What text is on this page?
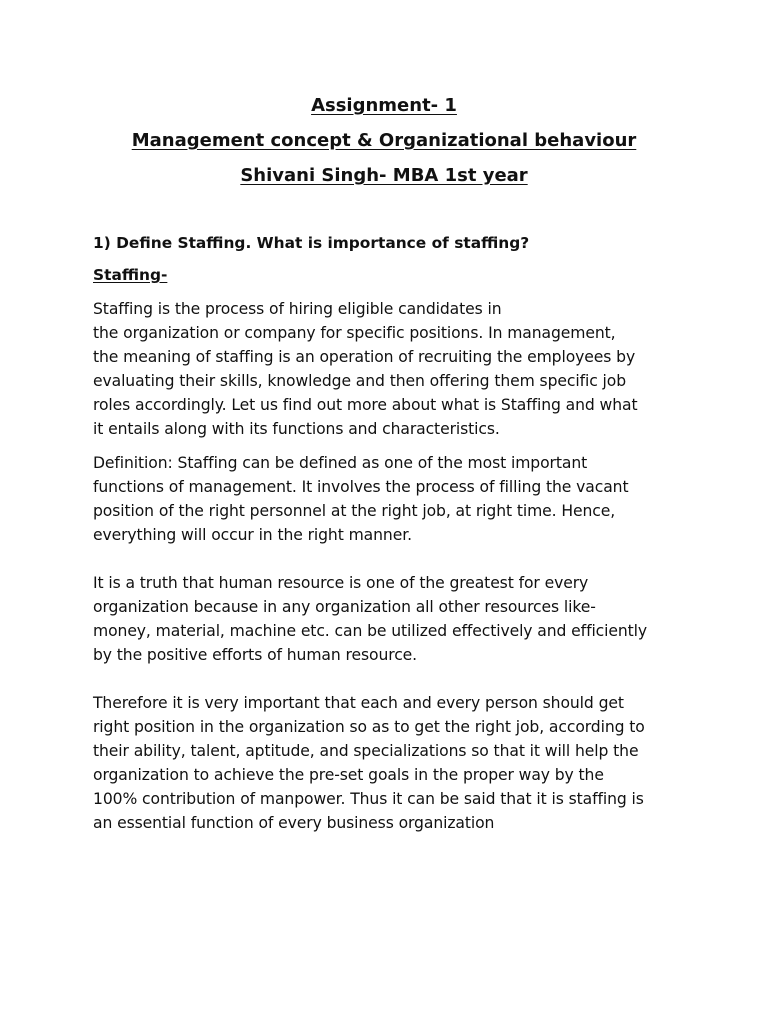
Assignment- 1

Management concept & Organizational behaviour

Shivani Singh- MBA 1st year

1) Define Staffing. What is importance of staffing?

Staffing-

Staffing is the process of hiring eligible candidates in
the organization or company for specific positions. In management,
the meaning of staffing is an operation of recruiting the employees by
evaluating their skills, knowledge and then offering them specific job
roles accordingly. Let us find out more about what is Staffing and what
it entails along with its functions and characteristics.

Definition: Staffing can be defined as one of the most important
functions of management. It involves the process of filling the vacant
position of the right personnel at the right job, at right time. Hence,
everything will occur in the right manner.

It is a truth that human resource is one of the greatest for every
organization because in any organization all other resources like-
money, material, machine etc. can be utilized effectively and efficiently
by the positive efforts of human resource.

Therefore it is very important that each and every person should get
right position in the organization so as to get the right job, according to
their ability, talent, aptitude, and specializations so that it will help the
organization to achieve the pre-set goals in the proper way by the
100% contribution of manpower. Thus it can be said that it is staffing is
an essential function of every business organization
